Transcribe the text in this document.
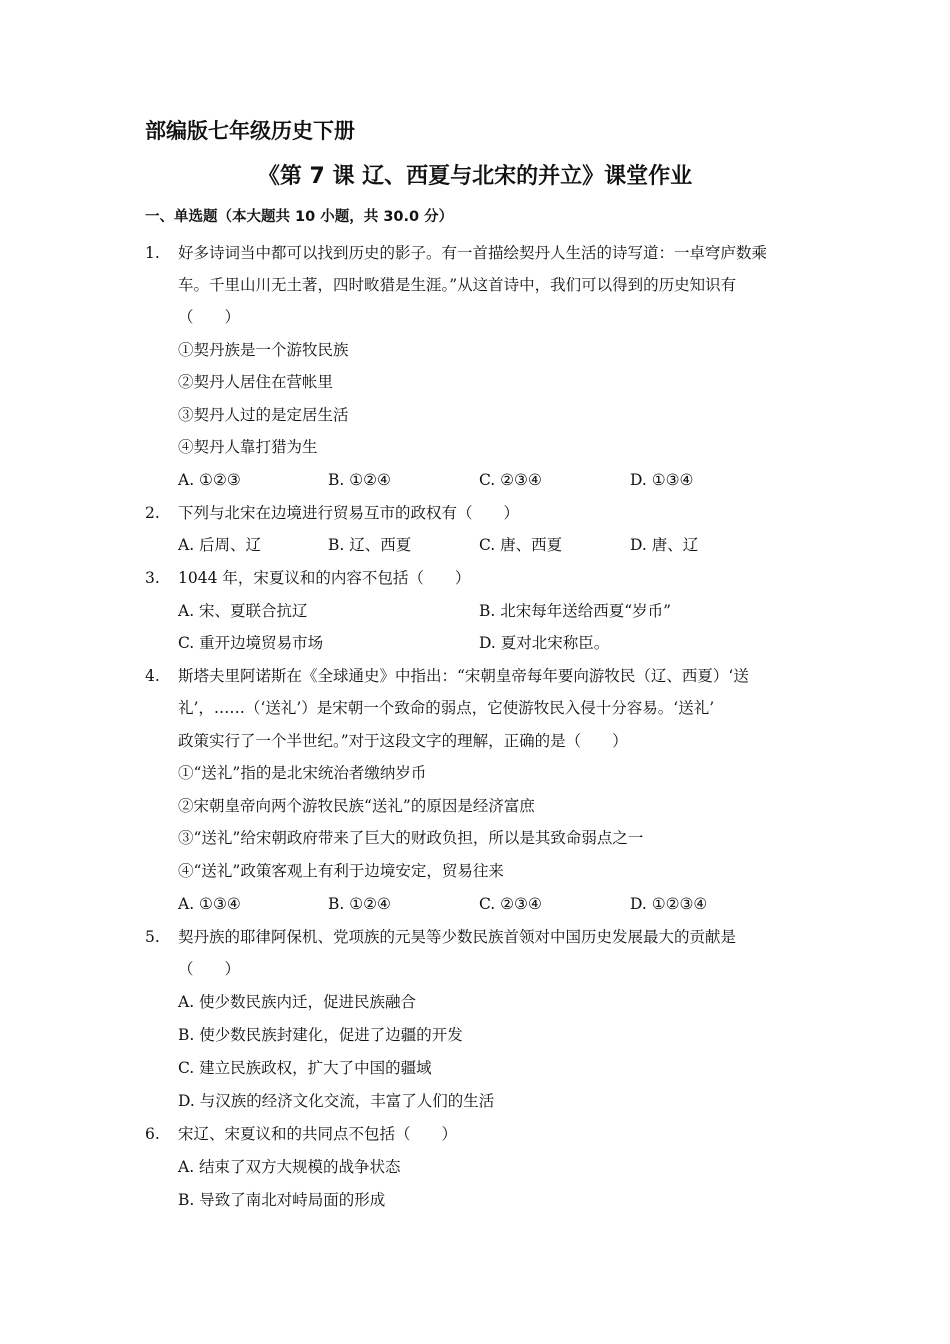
部编版七年级历史下册
《第 7 课 辽、西夏与北宋的并立》课堂作业
一、单选题（本大题共 10 小题，共 30.0 分）
1. 好多诗词当中都可以找到历史的影子。有一首描绘契丹人生活的诗写道：一卓穹庐数乘
车。千里山川无土著，四时畋猎是生涯。”从这首诗中，我们可以得到的历史知识有
（　　）
①契丹族是一个游牧民族
②契丹人居住在营帐里
③契丹人过的是定居生活
④契丹人靠打猎为生
A. ①②③	B. ①②④	C. ②③④	D. ①③④
2. 下列与北宋在边境进行贸易互市的政权有（　　）
A. 后周、辽	B. 辽、西夏	C. 唐、西夏	D. 唐、辽
3. 1044 年，宋夏议和的内容不包括（　　）
A. 宋、夏联合抗辽	B. 北宋每年送给西夏“岁币”
C. 重开边境贸易市场	D. 夏对北宋称臣。
4. 斯塔夫里阿诺斯在《全球通史》中指出：“宋朝皇帝每年要向游牧民（辽、西夏）‘送
礼’，……（‘送礼’）是宋朝一个致命的弱点，它使游牧民入侵十分容易。‘送礼’
政策实行了一个半世纪。”对于这段文字的理解，正确的是（　　）
①“送礼”指的是北宋统治者缴纳岁币
②宋朝皇帝向两个游牧民族“送礼”的原因是经济富庶
③“送礼”给宋朝政府带来了巨大的财政负担，所以是其致命弱点之一
④“送礼”政策客观上有利于边境安定，贸易往来
A. ①③④	B. ①②④	C. ②③④	D. ①②③④
5. 契丹族的耶律阿保机、党项族的元昊等少数民族首领对中国历史发展最大的贡献是
（　　）
A. 使少数民族内迁，促进民族融合
B. 使少数民族封建化，促进了边疆的开发
C. 建立民族政权，扩大了中国的疆域
D. 与汉族的经济文化交流，丰富了人们的生活
6. 宋辽、宋夏议和的共同点不包括（　　）
A. 结束了双方大规模的战争状态
B. 导致了南北对峙局面的形成
